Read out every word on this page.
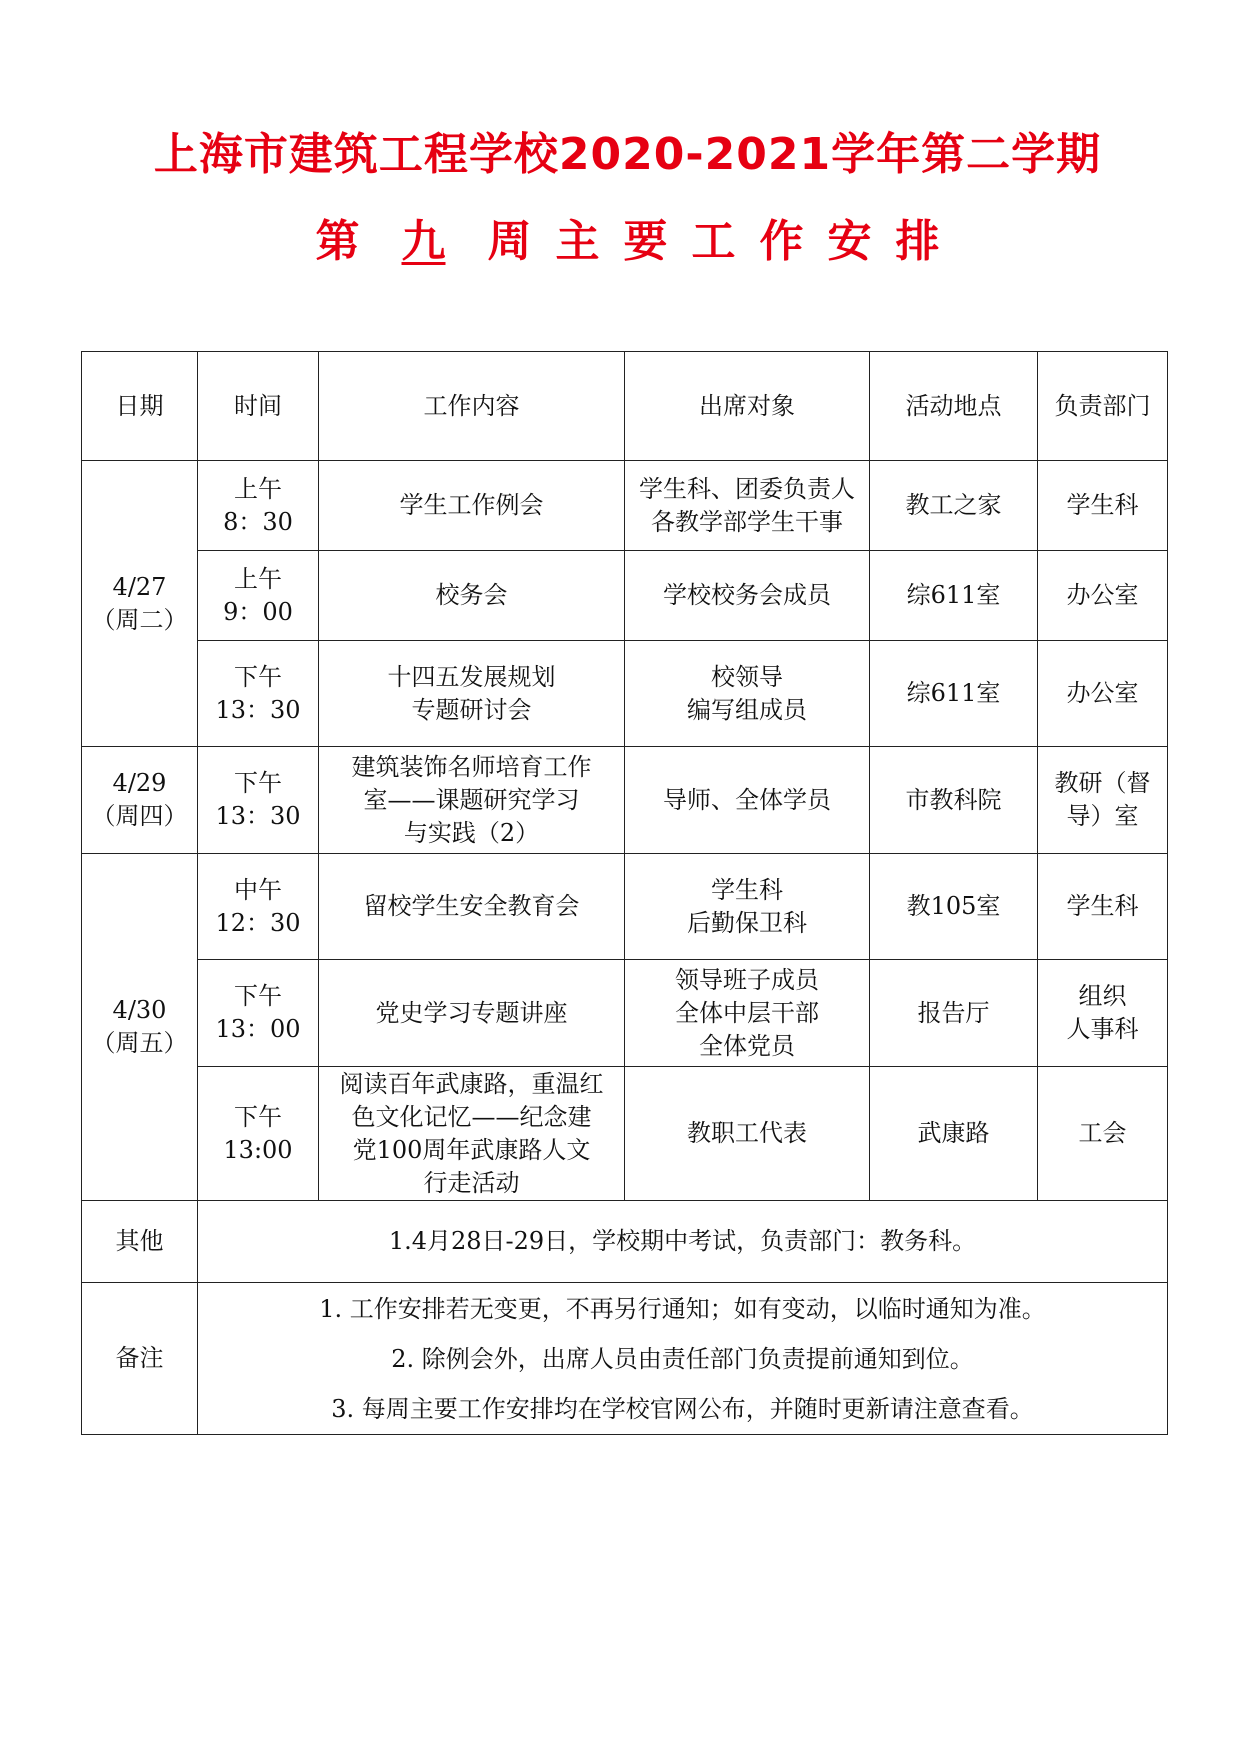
上海市建筑工程学校2020-2021学年第二学期
第 九 周 主 要 工 作 安 排
日期	时间	工作内容	出席对象	活动地点	负责部门

4/27
（周二）	上午
8：30	学生工作例会	学生科、团委负责人
各教学部学生干事	教工之家	学生科

	上午
9：00	校务会	学校校务会成员	综611室	办公室

	下午
13：30	十四五发展规划
专题研讨会	校领导
编写组成员	综611室	办公室

4/29
（周四）	下午
13：30	建筑装饰名师培育工作
室——课题研究学习
与实践（2）	导师、全体学员	市教科院	教研（督
导）室

4/30
（周五）	中午
12：30	留校学生安全教育会	学生科
后勤保卫科	教105室	学生科

	下午
13：00	党史学习专题讲座	领导班子成员
全体中层干部
全体党员	报告厅	组织
人事科

	下午
13:00	阅读百年武康路，重温红
色文化记忆——纪念建
党100周年武康路人文
行走活动	教职工代表	武康路	工会

其他	1.4月28日-29日，学校期中考试，负责部门：教务科。				
备注	1. 工作安排若无变更，不再另行通知；如有变动，以临时通知为准。
2. 除例会外，出席人员由责任部门负责提前通知到位。
3. 每周主要工作安排均在学校官网公布，并随时更新请注意查看。				
